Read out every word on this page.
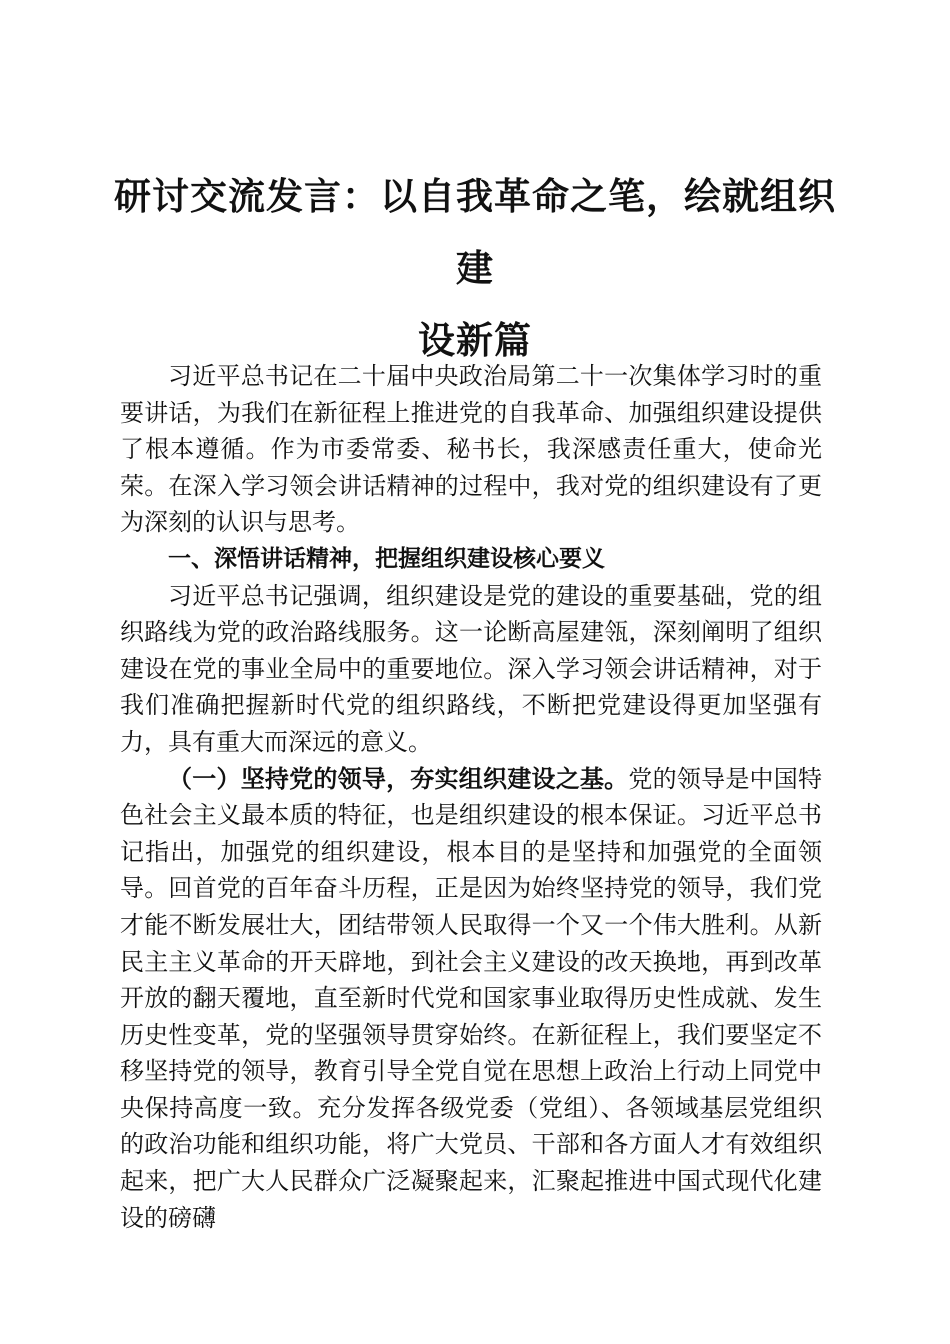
研讨交流发言：以自我革命之笔，绘就组织建
设新篇

习近平总书记在二十届中央政治局第二十一次集体学习时的重要讲话，为我们在新征程上推进党的自我革命、加强组织建设提供了根本遵循。作为市委常委、秘书长，我深感责任重大，使命光荣。在深入学习领会讲话精神的过程中，我对党的组织建设有了更为深刻的认识与思考。

一、深悟讲话精神，把握组织建设核心要义

习近平总书记强调，组织建设是党的建设的重要基础，党的组织路线为党的政治路线服务。这一论断高屋建瓴，深刻阐明了组织建设在党的事业全局中的重要地位。深入学习领会讲话精神，对于我们准确把握新时代党的组织路线，不断把党建设得更加坚强有力，具有重大而深远的意义。

（一）坚持党的领导，夯实组织建设之基。党的领导是中国特色社会主义最本质的特征，也是组织建设的根本保证。习近平总书记指出，加强党的组织建设，根本目的是坚持和加强党的全面领导。回首党的百年奋斗历程，正是因为始终坚持党的领导，我们党才能不断发展壮大，团结带领人民取得一个又一个伟大胜利。从新民主主义革命的开天辟地，到社会主义建设的改天换地，再到改革开放的翻天覆地，直至新时代党和国家事业取得历史性成就、发生历史性变革，党的坚强领导贯穿始终。在新征程上，我们要坚定不移坚持党的领导，教育引导全党自觉在思想上政治上行动上同党中央保持高度一致。充分发挥各级党委（党组）、各领域基层党组织的政治功能和组织功能，将广大党员、干部和各方面人才有效组织起来，把广大人民群众广泛凝聚起来，汇聚起推进中国式现代化建设的磅礴
